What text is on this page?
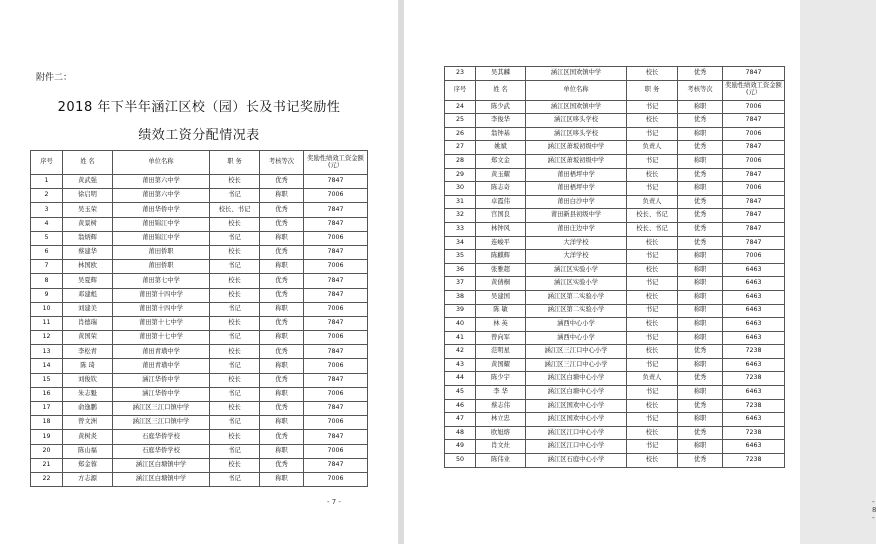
附件二：
2018 年下半年涵江区校（园）长及书记奖励性
绩效工资分配情况表
序号	姓 名	单位名称	职 务	考核等次	奖励性绩效工资金额(元）
1	黄武强	莆田第六中学	校长	优秀	7847
2	徐启明	莆田第六中学	书记	称职	7006
3	吴玉荣	莆田华侨中学	校长、书记	优秀	7847
4	黄景树	莆田锦江中学	校长	优秀	7847
5	翁炳辉	莆田锦江中学	书记	称职	7006
6	蔡建华	莆田侨职	校长	优秀	7847
7	林国欧	莆田侨职	书记	称职	7006
8	吴夏辉	莆田第七中学	校长	优秀	7847
9	邓建彪	莆田第十四中学	校长	优秀	7847
10	刘建美	莆田第十四中学	书记	称职	7006
11	肖德瑞	莆田第十七中学	校长	优秀	7847
12	黄国荣	莆田第十七中学	书记	称职	7006
13	李松青	莆田青璜中学	校长	优秀	7847
14	陈 琦	莆田青璜中学	书记	称职	7006
15	刘俊钦	涵江华侨中学	校长	优秀	7847
16	朱志魁	涵江华侨中学	书记	称职	7006
17	俞逸鹏	涵江区三江口镇中学	校长	优秀	7847
18	曾文洲	涵江区三江口镇中学	书记	称职	7006
19	黄树炎	石庭华侨学校	校长	优秀	7847
20	陈山福	石庭华侨学校	书记	称职	7006
21	郑金蓉	涵江区白塘镇中学	校长	优秀	7847
22	方志源	涵江区白塘镇中学	书记	称职	7006
- 7 -
23	吴其麟	涵江区国欢镇中学	校长	优秀	7847
序号	姓 名	单位名称	职 务	考核等次	奖励性绩效工资金额(元）
24	陈少武	涵江区国欢镇中学	书记	称职	7006
25	李俊华	涵江区哆头学校	校长	优秀	7847
26	翁钟基	涵江区哆头学校	书记	称职	7006
27	姚斌	涵江区萧坂初级中学	负责人	优秀	7847
28	郑文金	涵江区萧坂初级中学	书记	称职	7006
29	黄玉耀	莆田梧坪中学	校长	优秀	7847
30	陈志奇	莆田梧坪中学	书记	称职	7006
31	卓霞伟	莆田白沙中学	负责人	优秀	7847
32	宫国良	莆田新县初级中学	校长、书记	优秀	7847
33	林钟风	莆田庄边中学	校长、书记	优秀	7847
34	连峻平	大洋学校	校长	优秀	7847
35	陈麒辉	大洋学校	书记	称职	7006
36	张雅超	涵江区实验小学	校长	称职	6463
37	黄倩桐	涵江区实验小学	书记	称职	6463
38	吴建国	涵江区第二实验小学	校长	称职	6463
39	陈 敏	涵江区第二实验小学	书记	称职	6463
40	林 英	涵西中心小学	校长	称职	6463
41	曾向军	涵西中心小学	书记	称职	6463
42	范明星	涵江区三江口中心小学	校长	优秀	7238
43	黄国耀	涵江区三江口中心小学	书记	称职	6463
44	陈少宇	涵江区白塘中心小学	负责人	优秀	7238
45	李 华	涵江区白塘中心小学	书记	称职	6463
46	蔡志伟	涵江区国欢中心小学	校长	优秀	7238
47	林立忠	涵江区国欢中心小学	书记	称职	6463
48	欧旭熔	涵江区江口中心小学	校长	优秀	7238
49	肖文灶	涵江区江口中心小学	书记	称职	6463
50	陈伟业	涵江区石庭中心小学	校长	优秀	7238
- 8 -
